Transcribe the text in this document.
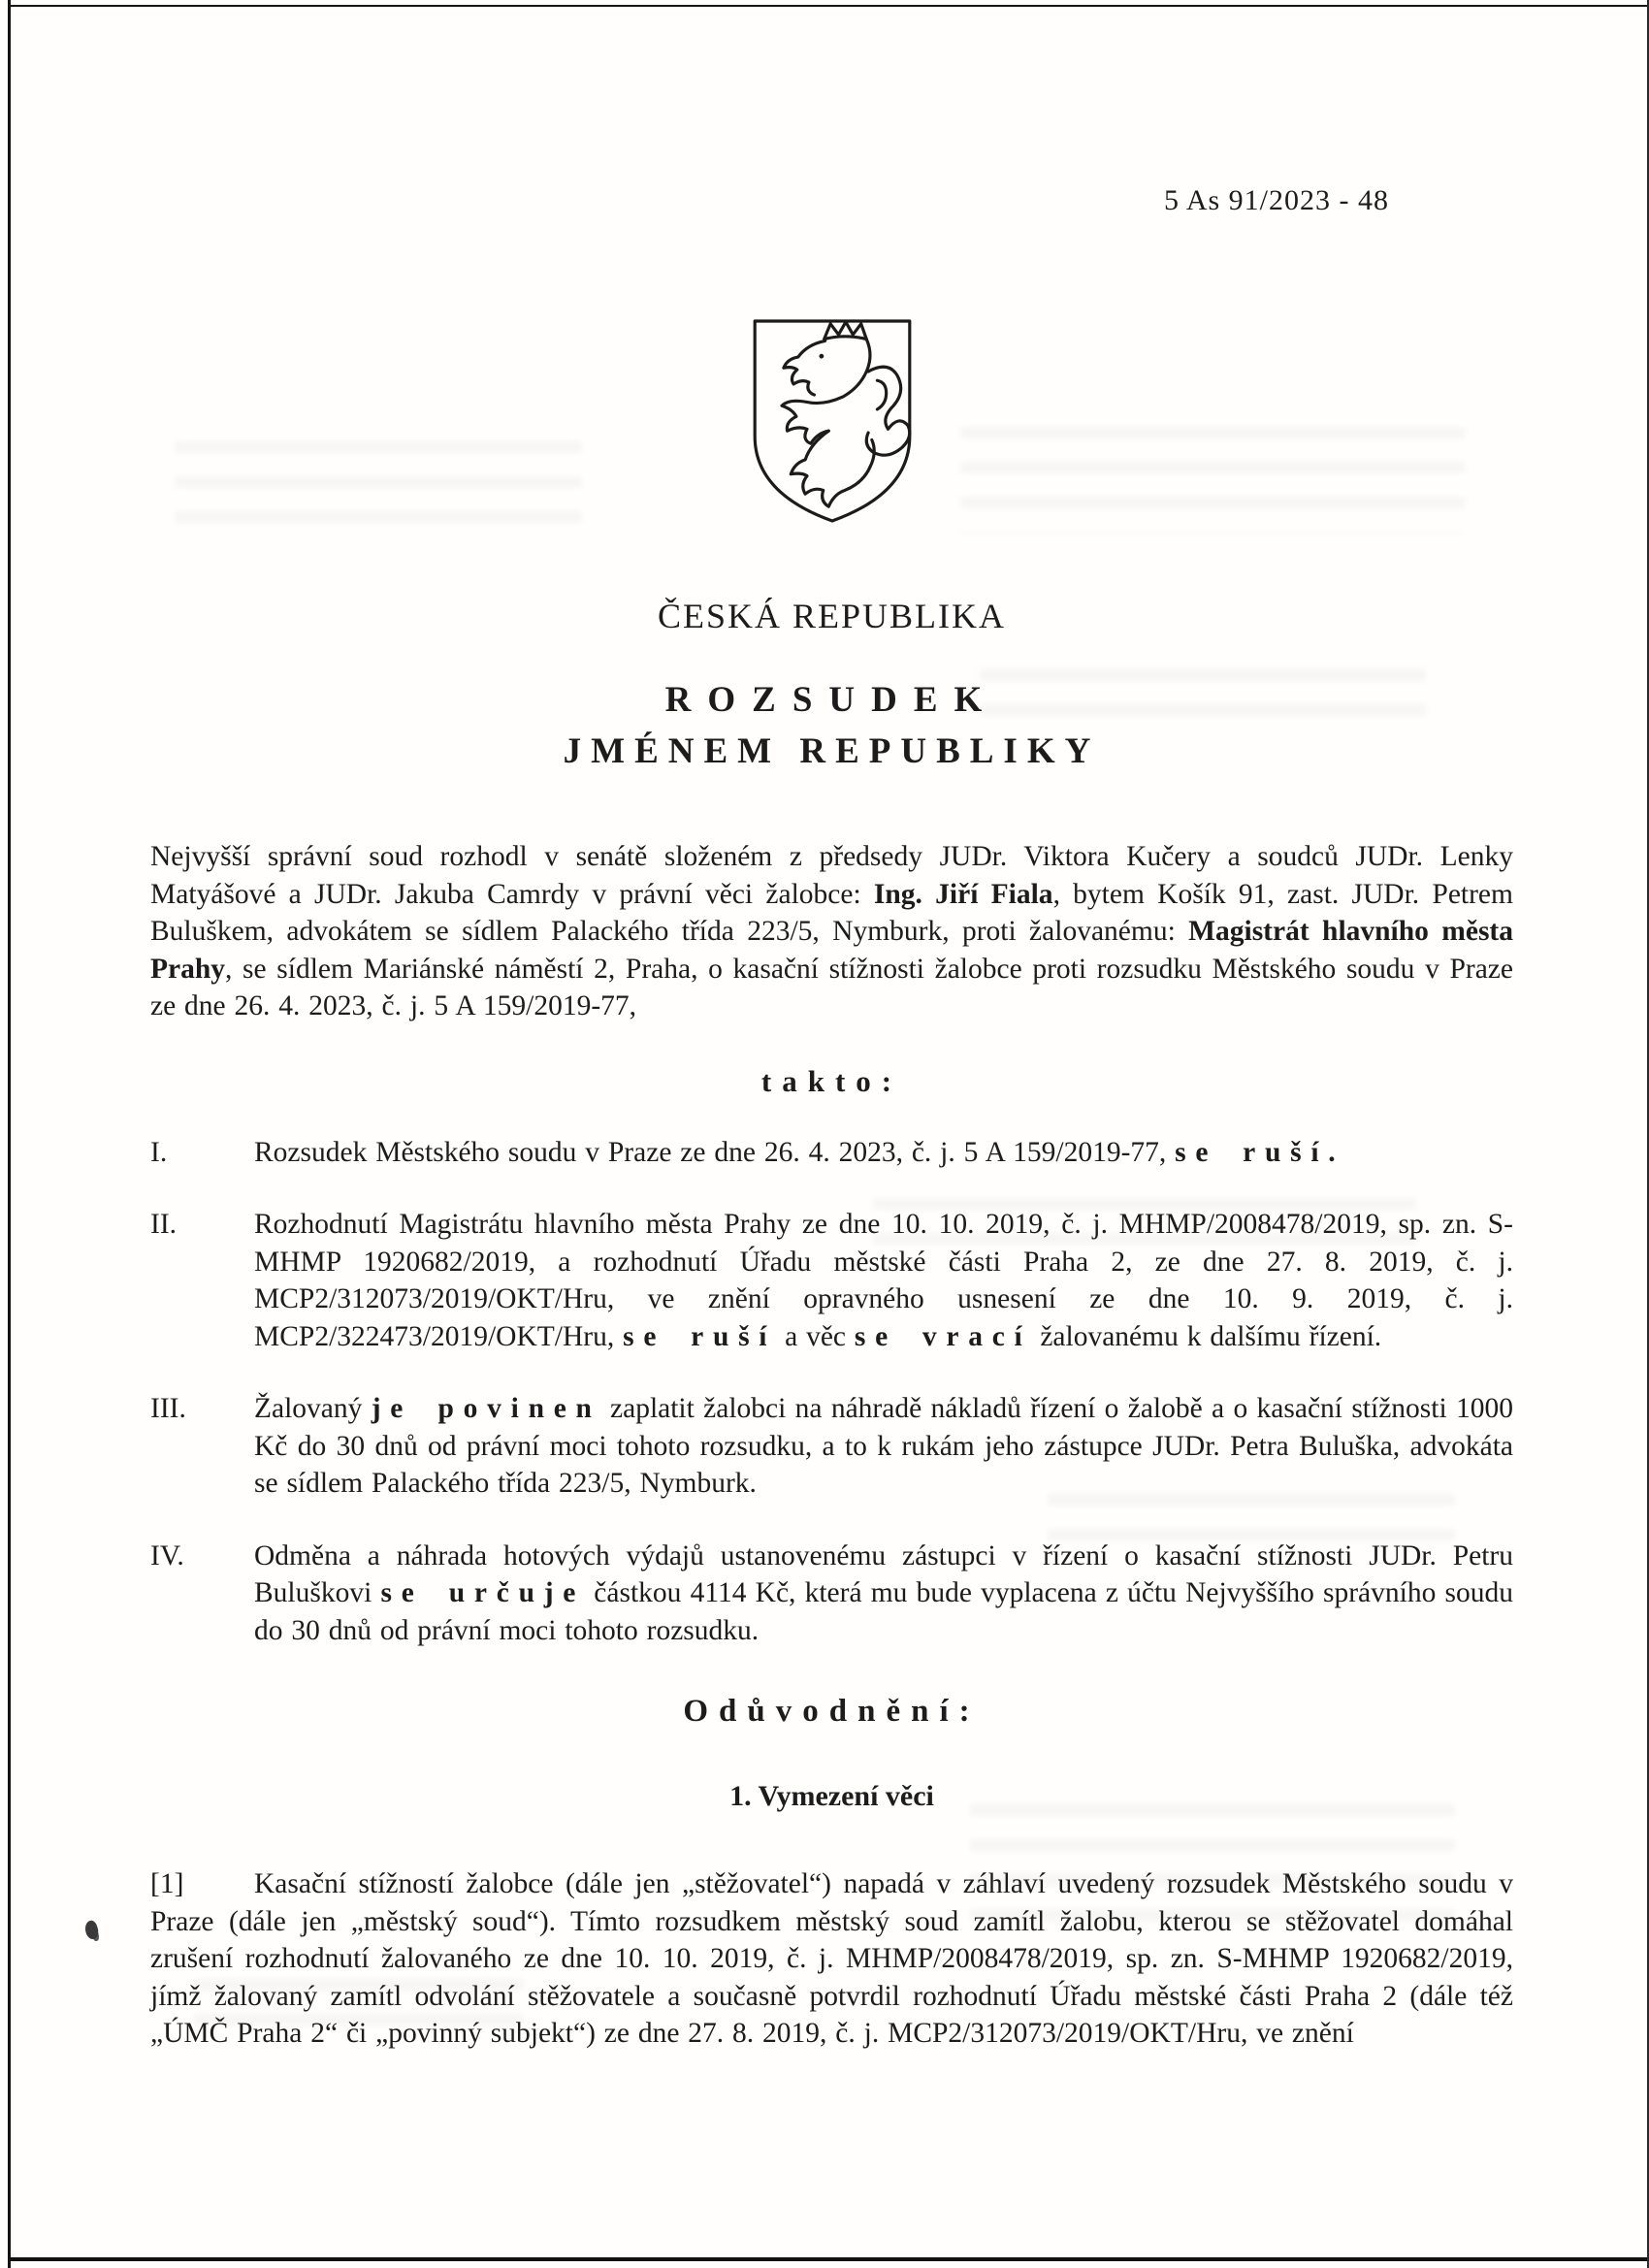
5 As 91/2023 - 48
ČESKÁ REPUBLIKA
ROZSUDEK
JMÉNEM REPUBLIKY

Nejvyšší správní soud rozhodl v senátě složeném z předsedy JUDr. Viktora Kučery a soudců JUDr. Lenky Matyášové a JUDr. Jakuba Camrdy v právní věci žalobce: Ing. Jiří Fiala, bytem Košík 91, zast. JUDr. Petrem Buluškem, advokátem se sídlem Palackého třída 223/5, Nymburk, proti žalovanému: Magistrát hlavního města Prahy, se sídlem Mariánské náměstí 2, Praha, o kasační stížnosti žalobce proti rozsudku Městského soudu v Praze ze dne 26. 4. 2023, č. j. 5 A 159/2019-77,

takto:
I.	Rozsudek Městského soudu v Praze ze dne 26. 4. 2023, č. j. 5 A 159/2019-77, se ruší.

II.	Rozhodnutí Magistrátu hlavního města Prahy ze dne 10. 10. 2019, č. j. MHMP/2008478/2019, sp. zn. S-MHMP 1920682/2019, a rozhodnutí Úřadu městské části Praha 2, ze dne 27. 8. 2019, č. j. MCP2/312073/2019/OKT/Hru, ve znění opravného usnesení ze dne 10. 9. 2019, č. j. MCP2/322473/2019/OKT/Hru, se ruší a věc se vrací žalovanému k dalšímu řízení.

III.	Žalovaný je povinen zaplatit žalobci na náhradě nákladů řízení o žalobě a o kasační stížnosti 1000 Kč do 30 dnů od právní moci tohoto rozsudku, a to k rukám jeho zástupce JUDr. Petra Buluška, advokáta se sídlem Palackého třída 223/5, Nymburk.

IV.	Odměna a náhrada hotových výdajů ustanovenému zástupci v řízení o kasační stížnosti JUDr. Petru Buluškovi se určuje částkou 4114 Kč, která mu bude vyplacena z účtu Nejvyššího správního soudu do 30 dnů od právní moci tohoto rozsudku.

Odůvodnění:
1. Vymezení věci

[1] Kasační stížností žalobce (dále jen „stěžovatel“) napadá v záhlaví uvedený rozsudek Městského soudu v Praze (dále jen „městský soud“). Tímto rozsudkem městský soud zamítl žalobu, kterou se stěžovatel domáhal zrušení rozhodnutí žalovaného ze dne 10. 10. 2019, č. j. MHMP/2008478/2019, sp. zn. S-MHMP 1920682/2019, jímž žalovaný zamítl odvolání stěžovatele a současně potvrdil rozhodnutí Úřadu městské části Praha 2 (dále též „ÚMČ Praha 2“ či „povinný subjekt“) ze dne 27. 8. 2019, č. j. MCP2/312073/2019/OKT/Hru, ve znění
